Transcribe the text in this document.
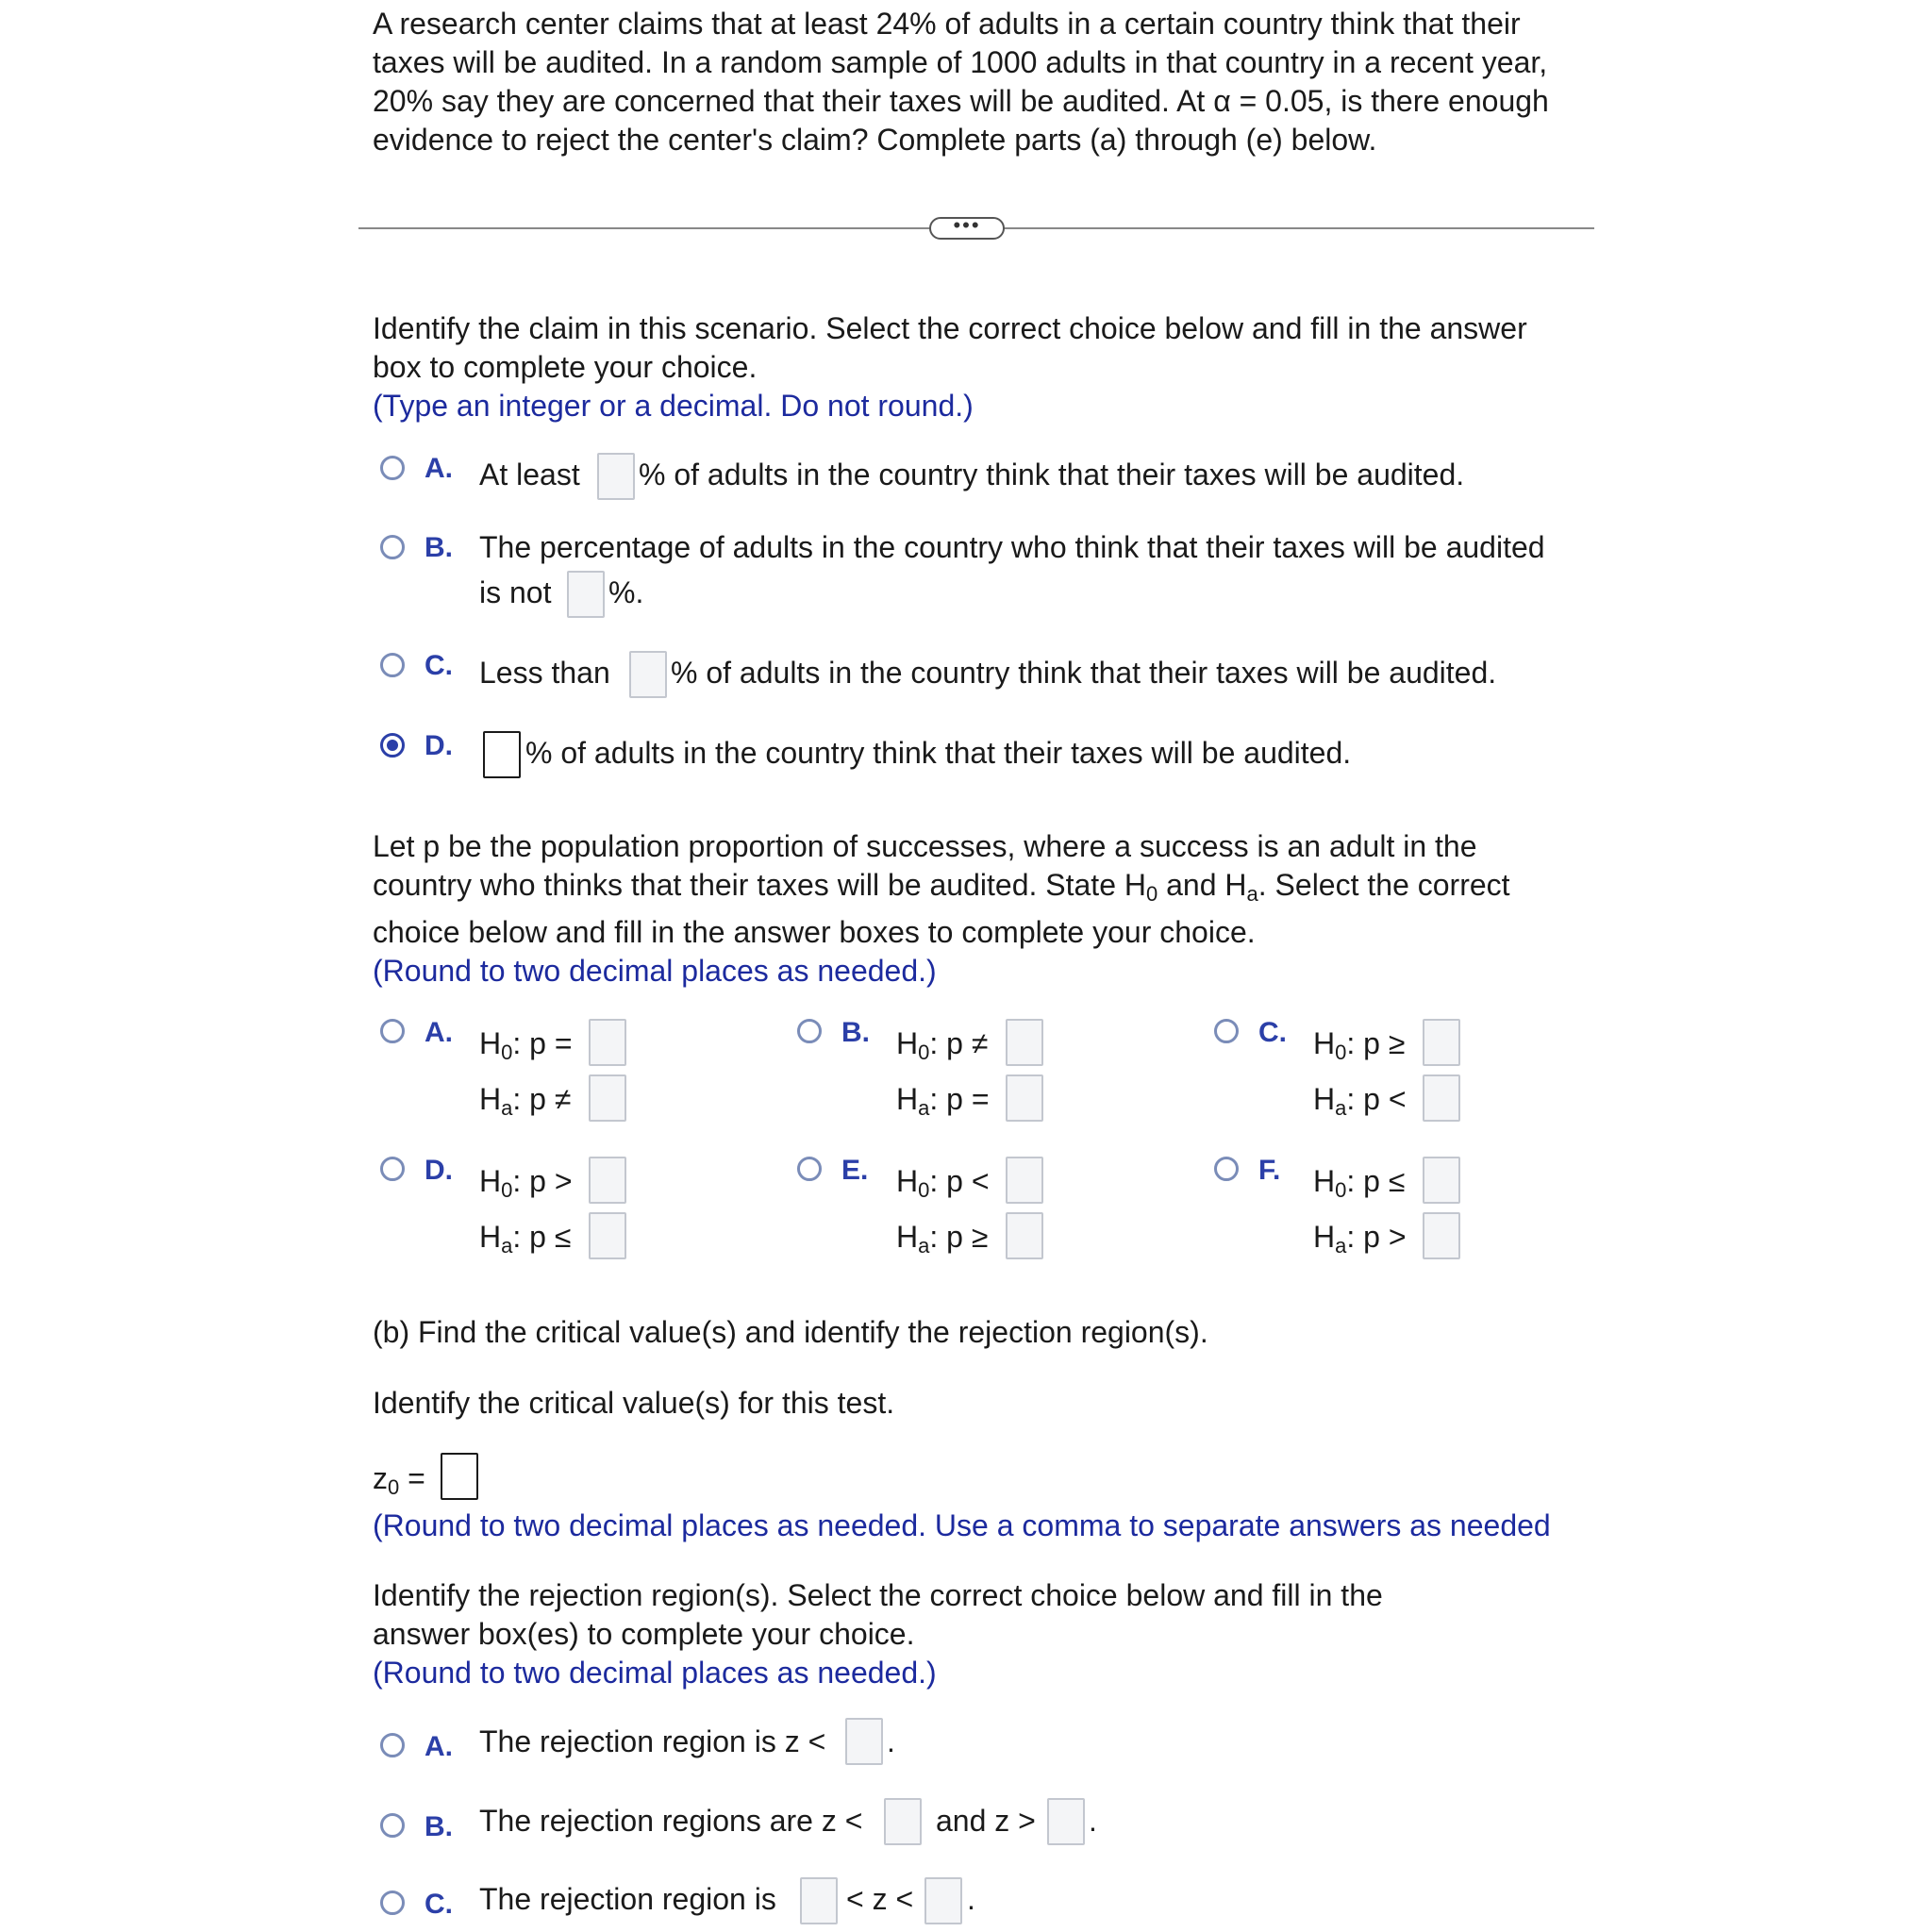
A research center claims that at least 24% of adults in a certain country think that their
taxes will be audited. In a random sample of 1000 adults in that country in a recent year,
20% say they are concerned that their taxes will be audited. At α = 0.05, is there enough
evidence to reject the center's claim? Complete parts (a) through (e) below.
•••
Identify the claim in this scenario. Select the correct choice below and fill in the answer
box to complete your choice.
(Type an integer or a decimal. Do not round.)
A. At least % of adults in the country think that their taxes will be audited.
B. The percentage of adults in the country who think that their taxes will be audited
is not %.
C. Less than % of adults in the country think that their taxes will be audited.
D. % of adults in the country think that their taxes will be audited.
Let p be the population proportion of successes, where a success is an adult in the
country who thinks that their taxes will be audited. State $H_0$ and $H_a$. Select the correct
choice below and fill in the answer boxes to complete your choice.
(Round to two decimal places as needed.)
A. $H_0$: p =
$H_a$: p ≠
B. $H_0$: p ≠
$H_a$: p =
C. $H_0$: p ≥
$H_a$: p <
D. $H_0$: p >
$H_a$: p ≤
E. $H_0$: p <
$H_a$: p ≥
F. $H_0$: p ≤
$H_a$: p >
(b) Find the critical value(s) and identify the rejection region(s).
Identify the critical value(s) for this test.
$z_0$ =
(Round to two decimal places as needed. Use a comma to separate answers as needed
Identify the rejection region(s). Select the correct choice below and fill in the
answer box(es) to complete your choice.
(Round to two decimal places as needed.)
A. The rejection region is z < .
B. The rejection regions are z < and z > .
C. The rejection region is < z < .
